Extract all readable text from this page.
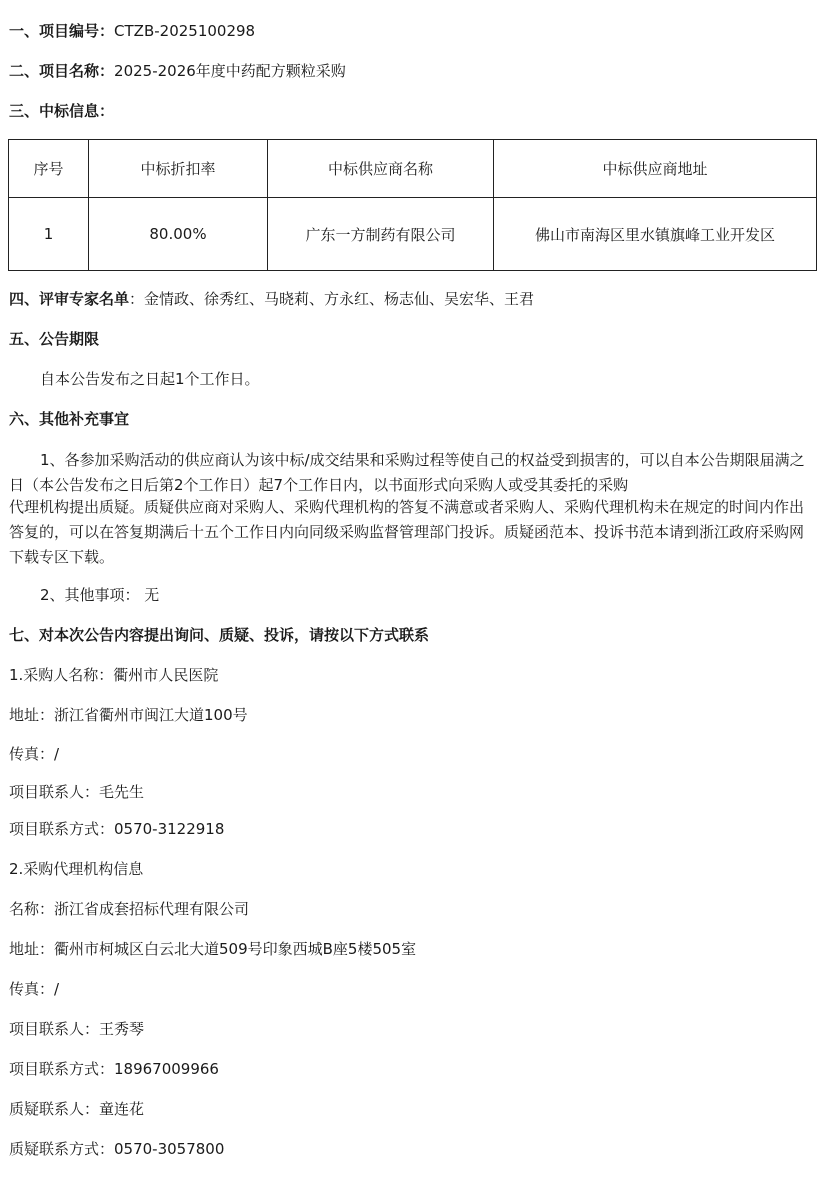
一、项目编号：CTZB-2025100298
二、项目名称：2025-2026年度中药配方颗粒采购
三、中标信息：
序号	中标折扣率	中标供应商名称	中标供应商地址
1	80.00%	广东一方制药有限公司	佛山市南海区里水镇旗峰工业开发区
四、评审专家名单：金情政、徐秀红、马晓莉、方永红、杨志仙、吴宏华、王君
五、公告期限
自本公告发布之日起1个工作日。
六、其他补充事宜
1、各参加采购活动的供应商认为该中标/成交结果和采购过程等使自己的权益受到损害的，可以自本公告期限届满之日（本公告发布之日后第2个工作日）起7个工作日内，以书面形式向采购人或受其委托的采购
代理机构提出质疑。质疑供应商对采购人、采购代理机构的答复不满意或者采购人、采购代理机构未在规定的时间内作出答复的，可以在答复期满后十五个工作日内向同级采购监督管理部门投诉。质疑函范本、投诉书范本请到浙江政府采购网下载专区下载。
2、其他事项： 无
七、对本次公告内容提出询问、质疑、投诉，请按以下方式联系
1.采购人名称：衢州市人民医院
地址：浙江省衢州市闽江大道100号
传真：/
项目联系人：毛先生
项目联系方式：0570-3122918
2.采购代理机构信息
名称：浙江省成套招标代理有限公司
地址：衢州市柯城区白云北大道509号印象西城B座5楼505室
传真：/
项目联系人：王秀琴
项目联系方式：18967009966
质疑联系人：童连花
质疑联系方式：0570-3057800
